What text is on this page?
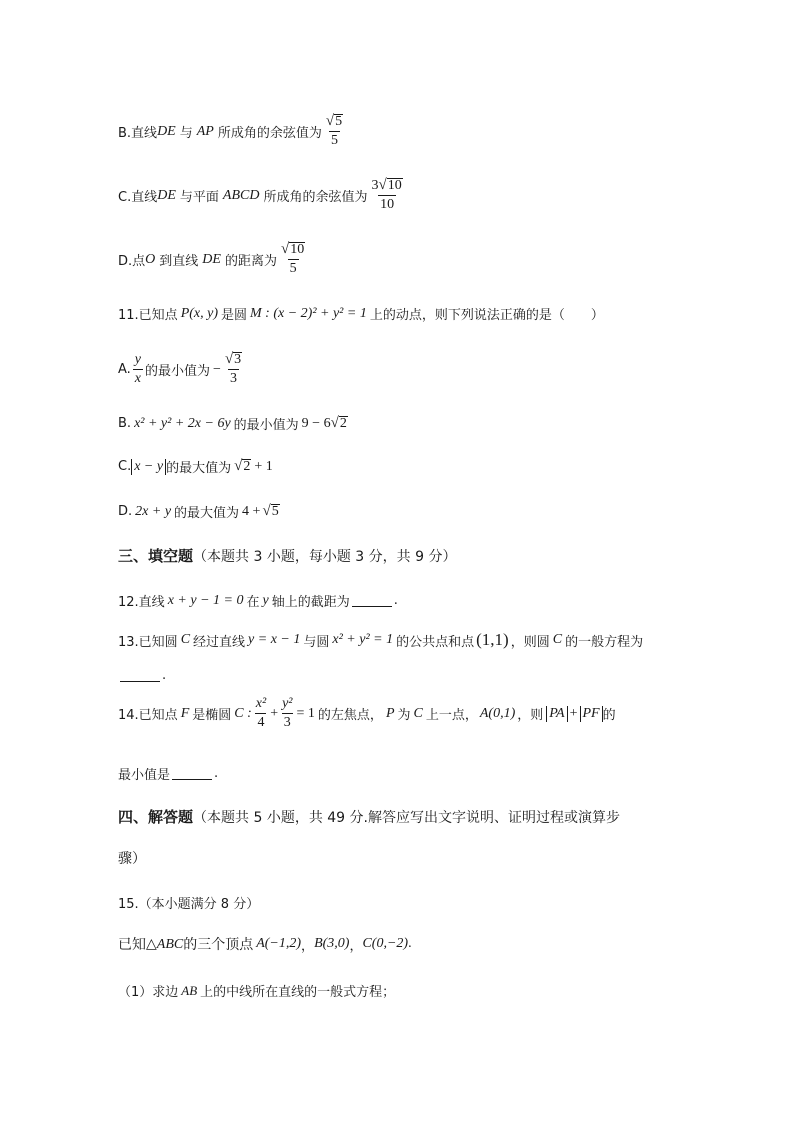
B.直线 DE 与 AP 所成角的余弦值为 $\frac{√ 5}{5}$
C.直线 DE 与平面 ABCD 所成角的余弦值为 $\frac{3 √ 10}{10}$
D.点 O 到直线 DE 的距离为 $\frac{√ 10}{5}$
11.已知点 P(x, y) 是圆 M : (x − 2)² + y² = 1 上的动点，则下列说法正确的是（　　）
A. $\frac{y}{x}$ 的最小值为 − $\frac{√ 3}{3}$
B. x² + y² + 2x − 6y 的最小值为 9 − 6 √ 2
C. x − y 的最大值为 √ 2 + 1
D. 2x + y 的最大值为 4 + √ 5
三、填空题 （本题共 3 小题，每小题 3 分，共 9 分）
12.直线 x + y − 1 = 0 在 y 轴上的截距为	.
13.已知圆 C 经过直线 y = x − 1 与圆 x² + y² = 1 的公共点和点 (1,1) ，则圆 C 的一般方程为
.
14.已知点 F 是椭圆 C : $\frac{\text{x²}}{4} + \frac{\text{y²}}{3} = 1$ 的左焦点， P 为 C 上一点， A(0,1) ，则 PA + PF 的
最小值是	.
四、解答题 （本题共 5 小题，共 49 分.解答应写出文字说明、证明过程或演算步
骤）
15.（本小题满分 8 分）
已知 △ABC 的三个顶点 A(−1,2) ， B(3,0) ， C(0,−2) .
（1）求边 AB 上的中线所在直线的一般式方程；
